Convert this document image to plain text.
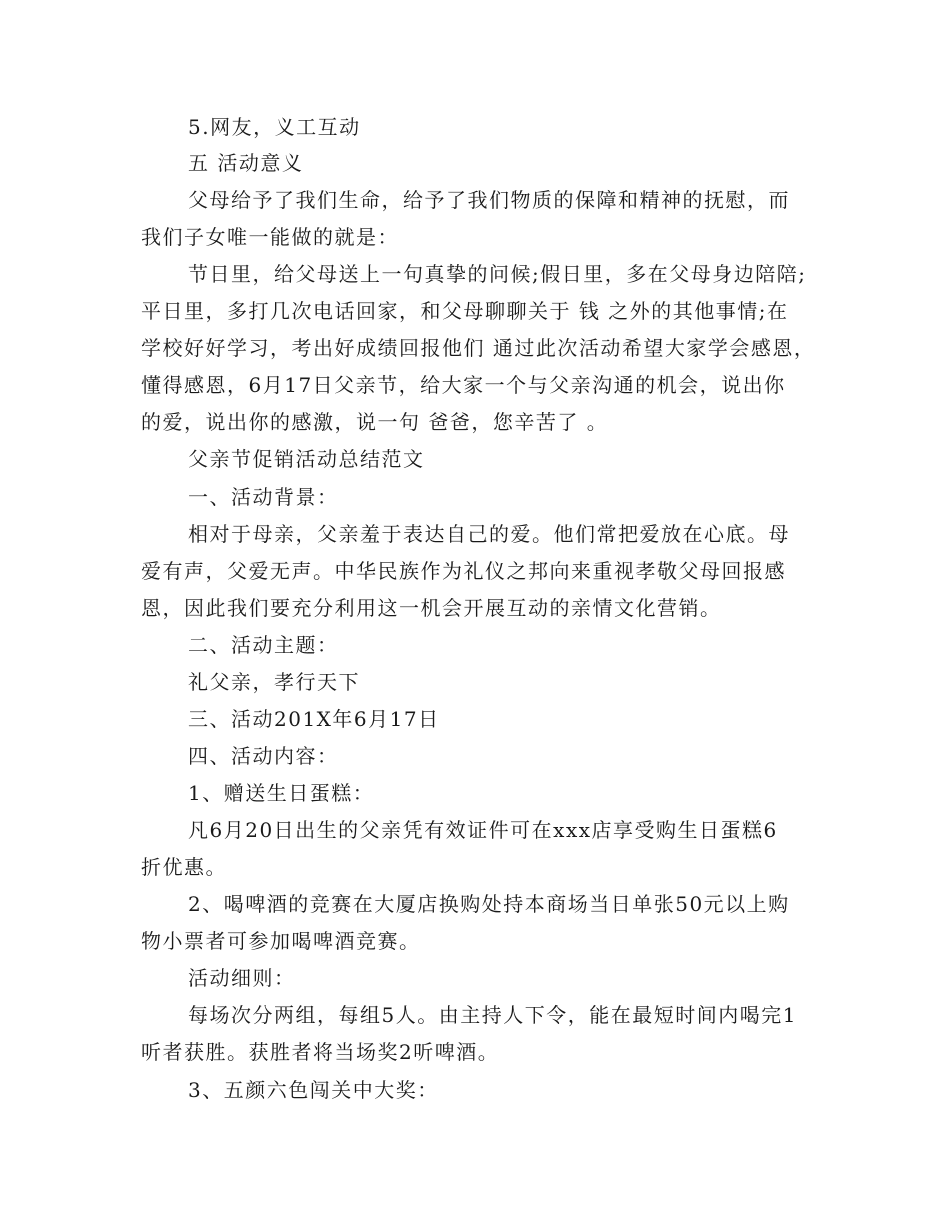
5.网友，义工互动
五 活动意义
父母给予了我们生命，给予了我们物质的保障和精神的抚慰，而
我们子女唯一能做的就是：
节日里，给父母送上一句真挚的问候;假日里，多在父母身边陪陪;
平日里，多打几次电话回家，和父母聊聊关于 钱 之外的其他事情;在
学校好好学习，考出好成绩回报他们 通过此次活动希望大家学会感恩，
懂得感恩，6月17日父亲节，给大家一个与父亲沟通的机会，说出你
的爱，说出你的感激，说一句 爸爸，您辛苦了 。
父亲节促销活动总结范文
一、活动背景：
相对于母亲，父亲羞于表达自己的爱。他们常把爱放在心底。母
爱有声，父爱无声。中华民族作为礼仪之邦向来重视孝敬父母回报感
恩，因此我们要充分利用这一机会开展互动的亲情文化营销。
二、活动主题：
礼父亲，孝行天下
三、活动201X年6月17日
四、活动内容：
1、赠送生日蛋糕：
凡6月20日出生的父亲凭有效证件可在xxx店享受购生日蛋糕6
折优惠。
2、喝啤酒的竞赛在大厦店换购处持本商场当日单张50元以上购
物小票者可参加喝啤酒竞赛。
活动细则：
每场次分两组，每组5人。由主持人下令，能在最短时间内喝完1
听者获胜。获胜者将当场奖2听啤酒。
3、五颜六色闯关中大奖：
